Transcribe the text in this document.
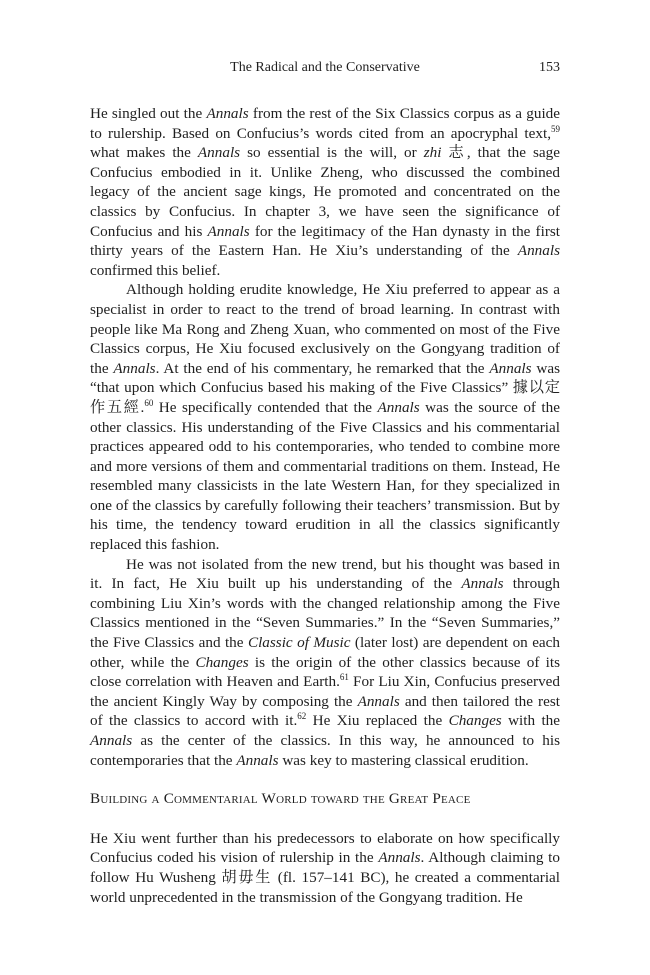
The Radical and the Conservative	153

He singled out the Annals from the rest of the Six Classics corpus as a guide to rulership. Based on Confucius’s words cited from an apocryphal text,$^{59}$ what makes the Annals so essential is the will, or zhi 志, that the sage Confucius embodied in it. Unlike Zheng, who discussed the combined legacy of the ancient sage kings, He promoted and concentrated on the classics by Confucius. In chapter 3, we have seen the significance of Confucius and his Annals for the legitimacy of the Han dynasty in the first thirty years of the Eastern Han. He Xiu’s understanding of the Annals confirmed this belief.

Although holding erudite knowledge, He Xiu preferred to appear as a specialist in order to react to the trend of broad learning. In contrast with people like Ma Rong and Zheng Xuan, who commented on most of the Five Classics corpus, He Xiu focused exclusively on the Gongyang tradition of the Annals. At the end of his commentary, he remarked that the Annals was “that upon which Confucius based his making of the Five Classics” 據以定作五經.$^{60}$ He specifically contended that the Annals was the source of the other classics. His understanding of the Five Classics and his commentarial practices appeared odd to his contemporaries, who tended to combine more and more versions of them and commentarial traditions on them. Instead, He resembled many classicists in the late Western Han, for they specialized in one of the classics by carefully following their teachers’ transmission. But by his time, the tendency toward erudition in all the classics significantly replaced this fashion.

He was not isolated from the new trend, but his thought was based in it. In fact, He Xiu built up his understanding of the Annals through combining Liu Xin’s words with the changed relationship among the Five Classics mentioned in the “Seven Summaries.” In the “Seven Summaries,” the Five Classics and the Classic of Music (later lost) are dependent on each other, while the Changes is the origin of the other classics because of its close correlation with Heaven and Earth.$^{61}$ For Liu Xin, Confucius preserved the ancient Kingly Way by composing the Annals and then tailored the rest of the classics to accord with it.$^{62}$ He Xiu replaced the Changes with the Annals as the center of the classics. In this way, he announced to his contemporaries that the Annals was key to mastering classical erudition.

Building a Commentarial World toward the Great Peace

He Xiu went further than his predecessors to elaborate on how specifically Confucius coded his vision of rulership in the Annals. Although claiming to follow Hu Wusheng 胡毋生 (fl. 157–141 BC), he created a commentarial world unprecedented in the transmission of the Gongyang tradition. He
